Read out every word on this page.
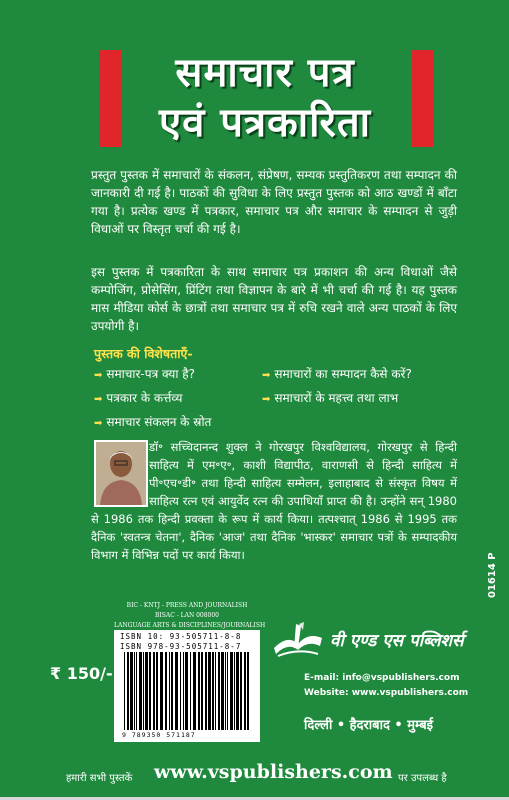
समाचार पत्र
एवं पत्रकारिता
प्रस्तुत पुस्तक में समाचारों के संकलन, संप्रेषण, सम्यक प्रस्तुतिकरण तथा सम्पादन की जानकारी दी गई है। पाठकों की सुविधा के लिए प्रस्तुत पुस्तक को आठ खण्डों में बाँटा गया है। प्रत्येक खण्ड में पत्रकार, समाचार पत्र और समाचार के सम्पादन से जुड़ी विधाओं पर विस्तृत चर्चा की गई है।
इस पुस्तक में पत्रकारिता के साथ समाचार पत्र प्रकाशन की अन्य विधाओं जैसे कम्पोजिंग, प्रोसेसिंग, प्रिंटिंग तथा विज्ञापन के बारे में भी चर्चा की गई है। यह पुस्तक मास मीडिया कोर्स के छात्रों तथा समाचार पत्र में रुचि रखने वाले अन्य पाठकों के लिए उपयोगी है।
पुस्तक की विशेषताएँ-
➡ समाचार-पत्र क्या है?	➡ समाचारों का सम्पादन कैसे करें?
➡ पत्रकार के कर्त्तव्य	➡ समाचारों के महत्त्व तथा लाभ
➡ समाचार संकलन के स्रोत
डॉ॰ सच्चिदानन्द शुक्ल ने गोरखपुर विश्वविद्यालय, गोरखपुर से हिन्दी साहित्य में एम॰ए॰, काशी विद्यापीठ, वाराणसी से हिन्दी साहित्य में पी॰एच॰डी॰ तथा हिन्दी साहित्य सम्मेलन, इलाहाबाद से संस्कृत विषय में साहित्य रत्न एवं आयुर्वेद रत्न की उपाधियाँ प्राप्त की है। उन्होंने सन् 1980 से 1986 तक हिन्दी प्रवक्ता के रूप में कार्य किया। तत्पश्चात् 1986 से 1995 तक दैनिक 'स्वतन्त्र चेतना', दैनिक 'आज' तथा दैनिक 'भास्कर' समाचार पत्रों के सम्पादकीय विभाग में विभिन्न पदों पर कार्य किया।
BIC - KNTJ - PRESS AND JOURNALISH
BISAC - LAN 008000
LANGUAGE ARTS & DISCIPLINES/JOURNALISH
ISBN 10: 93-505711-8-8
ISBN 978-93-505711-8-7
9 789350 571187
₹ 150/-
01614 P
वी एण्ड एस पब्लिशर्स
E-mail: info@vspublishers.com
Website: www.vspublishers.com
दिल्ली • हैदराबाद • मुम्बई
हमारी सभी पुस्तकें www.vspublishers.com पर उपलब्ध है
